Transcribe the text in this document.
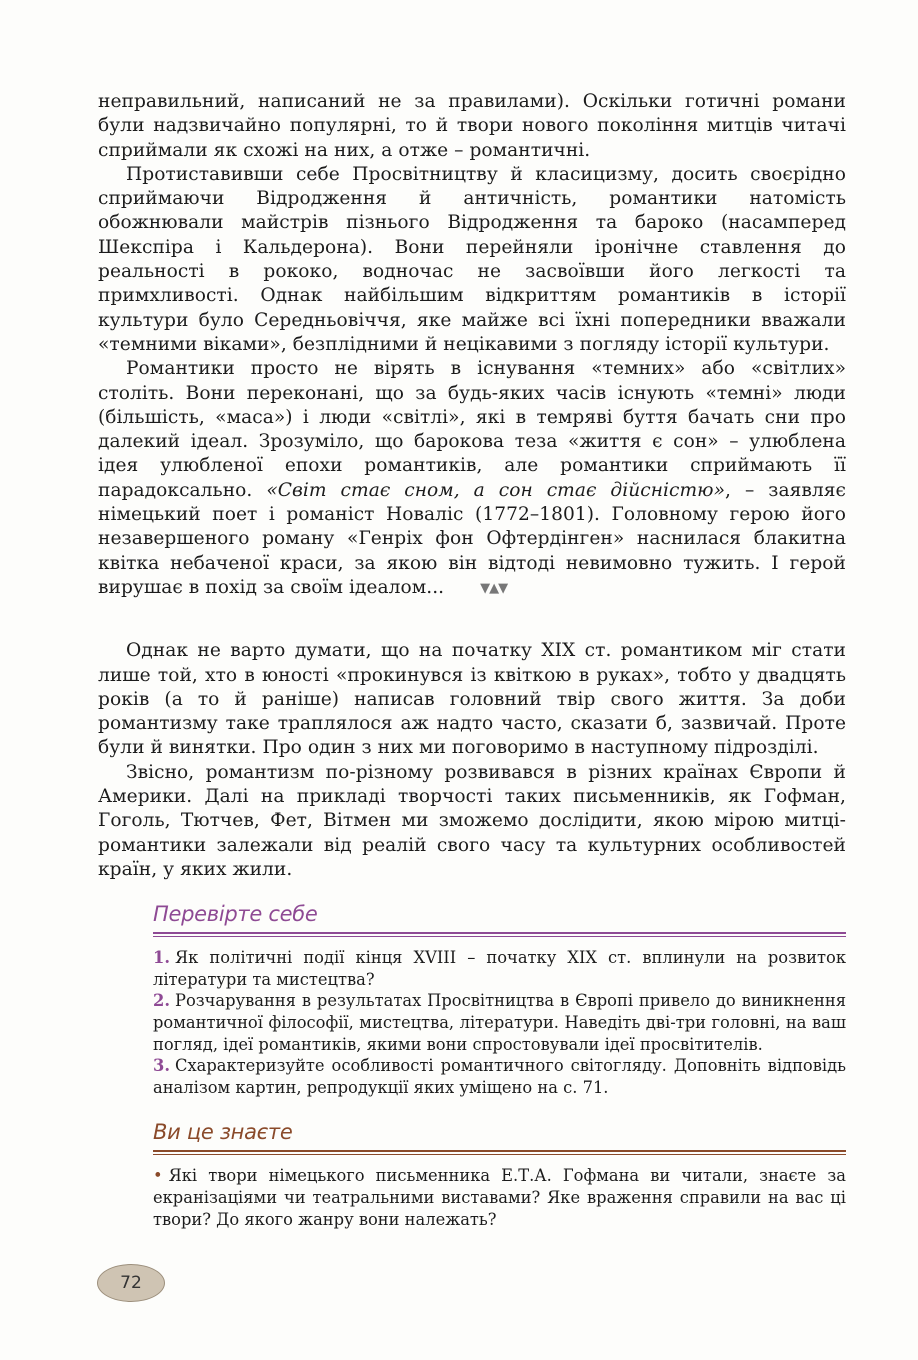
неправильний, написаний не за правилами). Оскільки готичні романи були надзвичайно популярні, то й твори нового покоління митців читачі сприймали як схожі на них, а отже – романтичні.

Протиставивши себе Просвітництву й класицизму, досить своєрідно сприймаючи Відродження й античність, романтики натомість обожнювали майстрів пізнього Відродження та бароко (насамперед Шекспіра і Кальдерона). Вони перейняли іронічне ставлення до реальності в рококо, водночас не засвоївши його легкості та примхливості. Однак найбільшим відкриттям романтиків в історії культури було Середньовіччя, яке майже всі їхні попередники вважали «темними віками», безплідними й нецікавими з погляду історії культури.

Романтики просто не вірять в існування «темних» або «світлих» століть. Вони переконані, що за будь-яких часів існують «темні» люди (більшість, «маса») і люди «світлі», які в темряві буття бачать сни про далекий ідеал. Зрозуміло, що барокова теза «життя є сон» – улюблена ідея улюбленої епохи романтиків, але романтики сприймають її парадоксально. «Світ стає сном, а сон стає дійсністю», – заявляє німецький поет і романіст Новаліс (1772–1801). Головному герою його незавершеного роману «Генріх фон Офтердінген» наснилася блакитна квітка небаченої краси, за якою він відтоді невимовно тужить. І герой вирушає в похід за своїм ідеалом...	▼▲▼

Однак не варто думати, що на початку XIX ст. романтиком міг стати лише той, хто в юності «прокинувся із квіткою в руках», тобто у двадцять років (а то й раніше) написав головний твір свого життя. За доби романтизму таке траплялося аж надто часто, сказати б, зазвичай. Проте були й винятки. Про один з них ми поговоримо в наступному підрозділі.

Звісно, романтизм по-різному розвивався в різних країнах Європи й Америки. Далі на прикладі творчості таких письменників, як Гофман, Гоголь, Тютчев, Фет, Вітмен ми зможемо дослідити, якою мірою митці-романтики залежали від реалій свого часу та культурних особливостей країн, у яких жили.

Перевірте себе

1. Як політичні події кінця XVIII – початку XIX ст. вплинули на розвиток літератури та мистецтва?

2. Розчарування в результатах Просвітництва в Європі привело до виникнення романтичної філософії, мистецтва, літератури. Наведіть дві-три головні, на ваш погляд, ідеї романтиків, якими вони спростовували ідеї просвітителів.

3. Схарактеризуйте особливості романтичного світогляду. Доповніть відповідь аналізом картин, репродукції яких уміщено на с. 71.

Ви це знаєте

• Які твори німецького письменника Е.Т.А. Гофмана ви читали, знаєте за екранізаціями чи театральними виставами? Яке враження справили на вас ці твори? До якого жанру вони належать?

72
